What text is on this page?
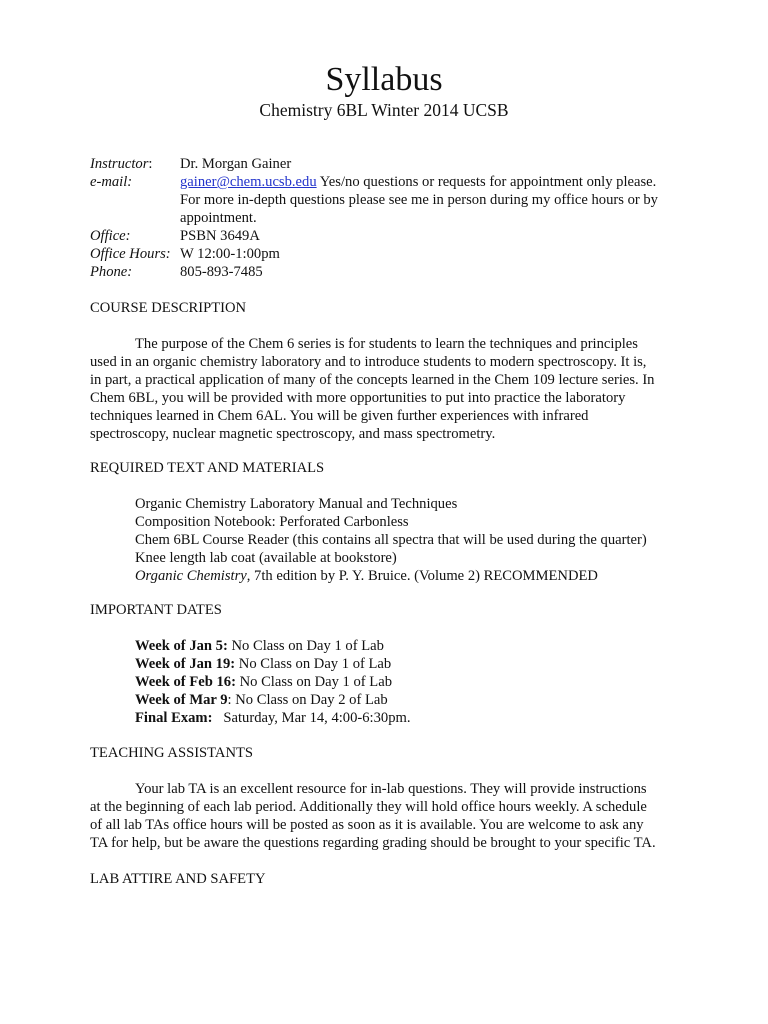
Syllabus
Chemistry 6BL Winter 2014 UCSB
Instructor:	Dr. Morgan Gainer
e-mail:	gainer@chem.ucsb.edu Yes/no questions or requests for appointment only please.
For more in-depth questions please see me in person during my office hours or by
appointment.
Office:	PSBN 3649A
Office Hours: W 12:00-1:00pm
Phone:	805-893-7485
COURSE DESCRIPTION
The purpose of the Chem 6 series is for students to learn the techniques and principles
used in an organic chemistry laboratory and to introduce students to modern spectroscopy. It is,
in part, a practical application of many of the concepts learned in the Chem 109 lecture series. In
Chem 6BL, you will be provided with more opportunities to put into practice the laboratory
techniques learned in Chem 6AL. You will be given further experiences with infrared
spectroscopy, nuclear magnetic spectroscopy, and mass spectrometry.
REQUIRED TEXT AND MATERIALS
Organic Chemistry Laboratory Manual and Techniques
Composition Notebook: Perforated Carbonless
Chem 6BL Course Reader (this contains all spectra that will be used during the quarter)
Knee length lab coat (available at bookstore)
Organic Chemistry, 7th edition by P. Y. Bruice. (Volume 2) RECOMMENDED
IMPORTANT DATES
Week of Jan 5: No Class on Day 1 of Lab
Week of Jan 19: No Class on Day 1 of Lab
Week of Feb 16: No Class on Day 1 of Lab
Week of Mar 9: No Class on Day 2 of Lab
Final Exam:   Saturday, Mar 14, 4:00-6:30pm.
TEACHING ASSISTANTS
Your lab TA is an excellent resource for in-lab questions. They will provide instructions
at the beginning of each lab period. Additionally they will hold office hours weekly. A schedule
of all lab TAs office hours will be posted as soon as it is available. You are welcome to ask any
TA for help, but be aware the questions regarding grading should be brought to your specific TA.
LAB ATTIRE AND SAFETY
